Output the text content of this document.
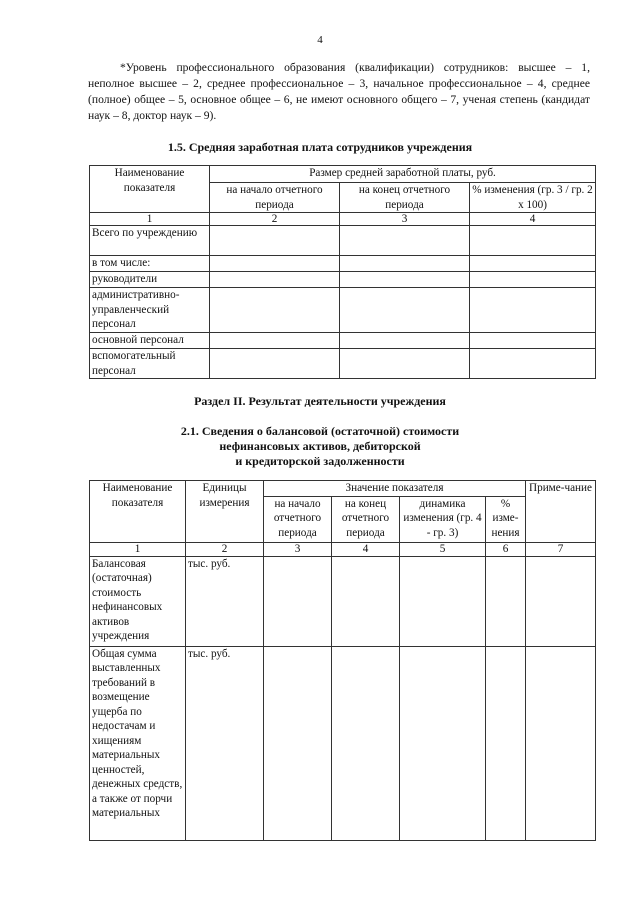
4
*Уровень профессионального образования (квалификации) сотрудников: высшее – 1, неполное высшее – 2, среднее профессиональное – 3, начальное профессиональное – 4, среднее (полное) общее – 5, основное общее – 6, не имеют основного общего – 7, ученая степень (кандидат наук – 8, доктор наук – 9).
1.5. Средняя заработная плата сотрудников учреждения
Наименование показателя	Размер средней заработной платы, руб.		
	на начало отчетного периода	на конец отчетного периода	% изменения (гр. 3 / гр. 2 х 100)
1	2	3	4
Всего по учреждению			
в том числе:			
руководители			
административно-управленческий персонал			
основной персонал			
вспомогательный персонал			
Раздел II. Результат деятельности учреждения
2.1. Сведения о балансовой (остаточной) стоимости
нефинансовых активов, дебиторской
и кредиторской задолженности
Наименование показателя	Единицы измерения	Значение показателя				Приме-чание
		на начало отчетного периода	на конец отчетного периода	динамика изменения (гр. 4 - гр. 3)	% изме-нения	
1	2	3	4	5	6	7
Балансовая (остаточная) стоимость нефинансовых активов учреждения	тыс. руб.					

Общая сумма выставленных требований в возмещение ущерба по недостачам и хищениям материальных ценностей, денежных средств, а также от порчи материальных	тыс. руб.					
